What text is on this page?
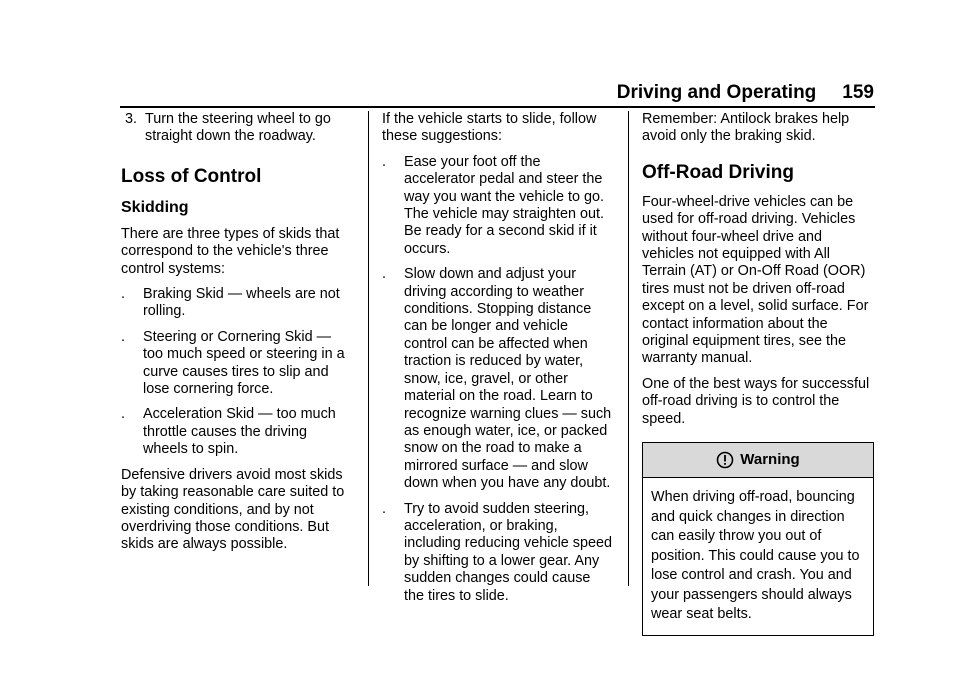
Driving and Operating 159
3. Turn the steering wheel to go straight down the roadway.
Loss of Control
Skidding

There are three types of skids that correspond to the vehicle's three control systems:

.	Braking Skid — wheels are not rolling.
.	Steering or Cornering Skid — too much speed or steering in a curve causes tires to slip and lose cornering force.
.	Acceleration Skid — too much throttle causes the driving wheels to spin.

Defensive drivers avoid most skids by taking reasonable care suited to existing conditions, and by not overdriving those conditions. But skids are always possible.

If the vehicle starts to slide, follow these suggestions:

.	Ease your foot off the accelerator pedal and steer the way you want the vehicle to go. The vehicle may straighten out. Be ready for a second skid if it occurs.
.	Slow down and adjust your driving according to weather conditions. Stopping distance can be longer and vehicle control can be affected when traction is reduced by water, snow, ice, gravel, or other material on the road. Learn to recognize warning clues — such as enough water, ice, or packed snow on the road to make a mirrored surface — and slow down when you have any doubt.
.	Try to avoid sudden steering, acceleration, or braking, including reducing vehicle speed by shifting to a lower gear. Any sudden changes could cause the tires to slide.

Remember: Antilock brakes help avoid only the braking skid.

Off-Road Driving

Four-wheel-drive vehicles can be used for off-road driving. Vehicles without four-wheel drive and vehicles not equipped with All Terrain (AT) or On-Off Road (OOR) tires must not be driven off-road except on a level, solid surface. For contact information about the original equipment tires, see the warranty manual.

One of the best ways for successful off-road driving is to control the speed.

Warning
When driving off-road, bouncing and quick changes in direction can easily throw you out of position. This could cause you to lose control and crash. You and your passengers should always wear seat belts.
